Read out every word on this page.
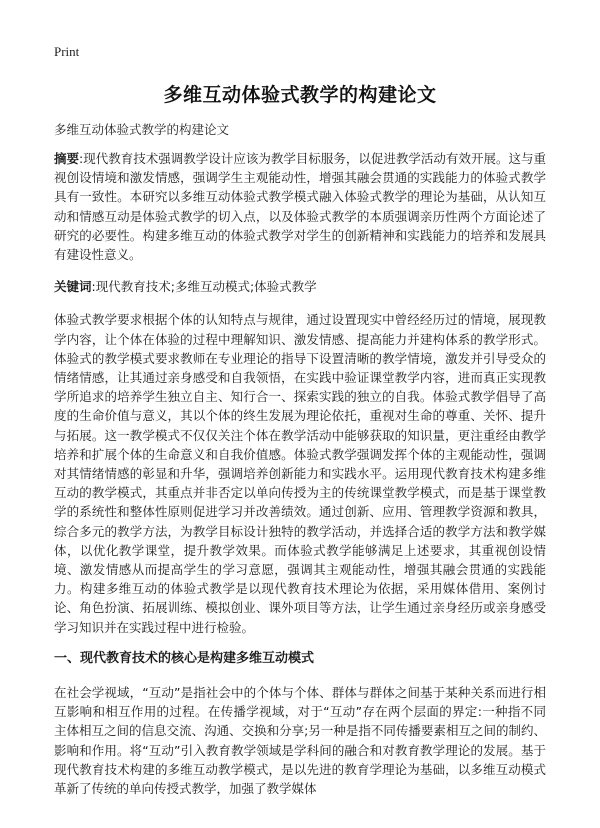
Print
多维互动体验式教学的构建论文
多维互动体验式教学的构建论文

摘要:现代教育技术强调教学设计应该为教学目标服务，以促进教学活动有效开展。这与重视创设情境和激发情感，强调学生主观能动性，增强其融会贯通的实践能力的体验式教学具有一致性。本研究以多维互动体验式教学模式融入体验式教学的理论为基础，从认知互动和情感互动是体验式教学的切入点，以及体验式教学的本质强调亲历性两个方面论述了研究的必要性。构建多维互动的体验式教学对学生的创新精神和实践能力的培养和发展具有建设性意义。

关键词:现代教育技术;多维互动模式;体验式教学

体验式教学要求根据个体的认知特点与规律，通过设置现实中曾经经历过的情境，展现教学内容，让个体在体验的过程中理解知识、激发情感、提高能力并建构体系的教学形式。体验式的教学模式要求教师在专业理论的指导下设置清晰的教学情境，激发并引导受众的情绪情感，让其通过亲身感受和自我领悟，在实践中验证课堂教学内容，进而真正实现教学所追求的培养学生独立自主、知行合一、探索实践的独立的自我。体验式教学倡导了高度的生命价值与意义，其以个体的终生发展为理论依托，重视对生命的尊重、关怀、提升与拓展。这一教学模式不仅仅关注个体在教学活动中能够获取的知识量，更注重经由教学培养和扩展个体的生命意义和自我价值感。体验式教学强调发挥个体的主观能动性，强调对其情绪情感的彰显和升华，强调培养创新能力和实践水平。运用现代教育技术构建多维互动的教学模式，其重点并非否定以单向传授为主的传统课堂教学模式，而是基于课堂教学的系统性和整体性原则促进学习并改善绩效。通过创新、应用、管理教学资源和教具，综合多元的教学方法，为教学目标设计独特的教学活动，并选择合适的教学方法和教学媒体，以优化教学课堂，提升教学效果。而体验式教学能够满足上述要求，其重视创设情境、激发情感从而提高学生的学习意愿，强调其主观能动性，增强其融会贯通的实践能力。构建多维互动的体验式教学是以现代教育技术理论为依据，采用媒体借用、案例讨论、角色扮演、拓展训练、模拟创业、课外项目等方法，让学生通过亲身经历或亲身感受学习知识并在实践过程中进行检验。

一、现代教育技术的核心是构建多维互动模式

在社会学视域，“互动”是指社会中的个体与个体、群体与群体之间基于某种关系而进行相互影响和相互作用的过程。在传播学视域，对于“互动”存在两个层面的界定:一种指不同主体相互之间的信息交流、沟通、交换和分享;另一种是指不同传播要素相互之间的制约、影响和作用。将“互动”引入教育教学领域是学科间的融合和对教育教学理论的发展。基于现代教育技术构建的多维互动教学模式，是以先进的教育学理论为基础，以多维互动模式革新了传统的单向传授式教学，加强了教学媒体
